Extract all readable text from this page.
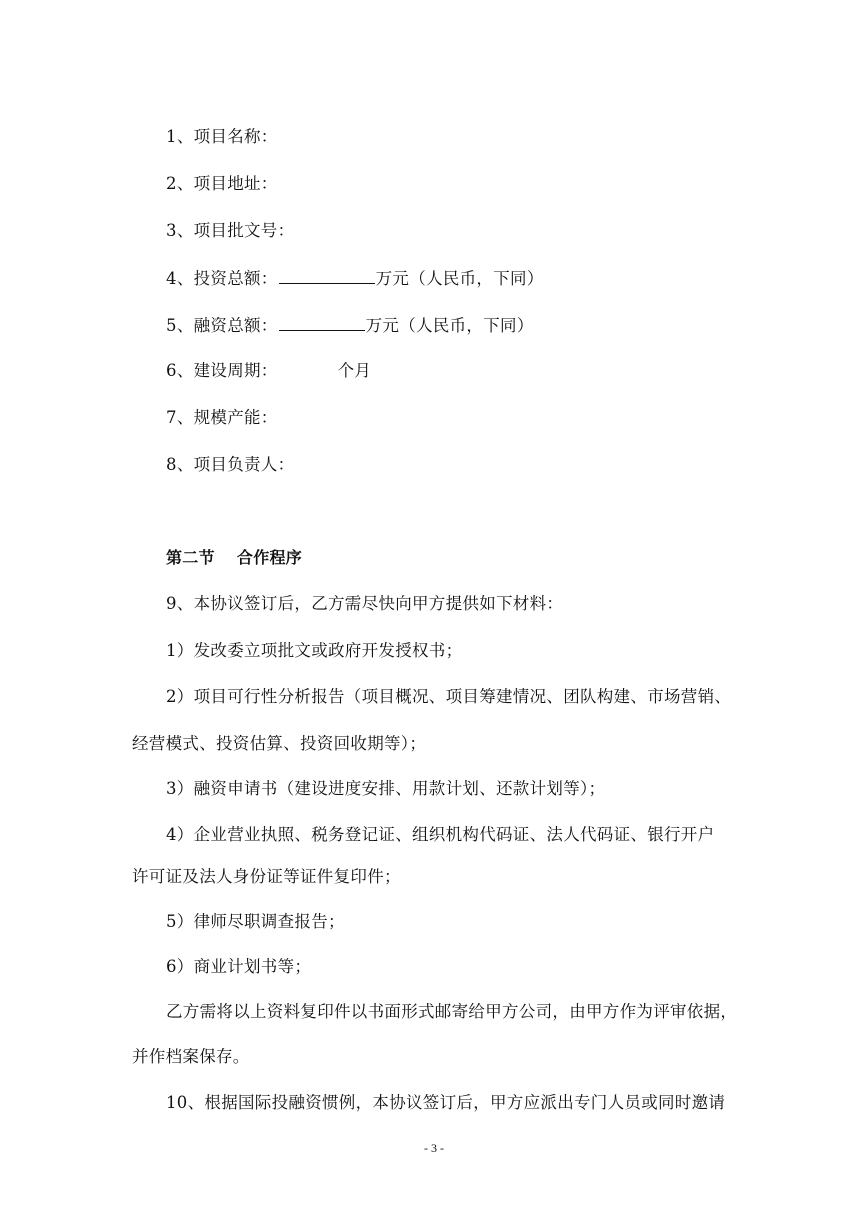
1、项目名称：
2、项目地址：
3、项目批文号：
4、投资总额：	万元（人民币，下同）
5、融资总额：	万元（人民币，下同）
6、建设周期：	个月
7、规模产能：
8、项目负责人：
第二节 合作程序
9、本协议签订后，乙方需尽快向甲方提供如下材料：
1）发改委立项批文或政府开发授权书；
2）项目可行性分析报告（项目概况、项目筹建情况、团队构建、市场营销、
经营模式、投资估算、投资回收期等）；
3）融资申请书（建设进度安排、用款计划、还款计划等）；
4）企业营业执照、税务登记证、组织机构代码证、法人代码证、银行开户
许可证及法人身份证等证件复印件；
5）律师尽职调查报告；
6）商业计划书等；
乙方需将以上资料复印件以书面形式邮寄给甲方公司，由甲方作为评审依据，
并作档案保存。
10、根据国际投融资惯例，本协议签订后，甲方应派出专门人员或同时邀请
- 3 -
